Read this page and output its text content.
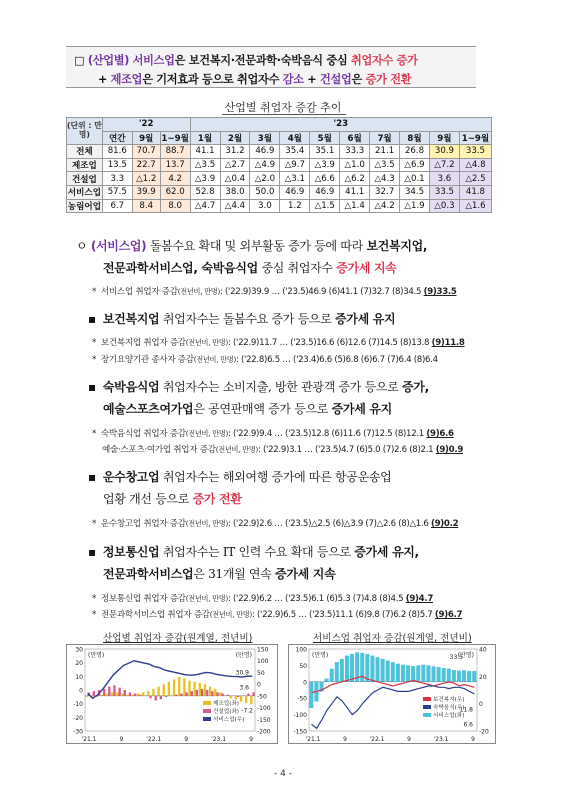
□ (산업별) 서비스업은 보건복지·전문과학·숙박음식 중심 취업자수 증가
+ 제조업은 기저효과 등으로 취업자수 감소 + 건설업은 증가 전환
산업별 취업자 증감 추이
(단위 : 만명)	'22			'23									
	연간	9월	1~9월	1월	2월	3월	4월	5월	6월	7월	8월	9월	1~9월
전체	81.6	70.7	88.7	41.1	31.2	46.9	35.4	35.1	33.3	21.1	26.8	30.9	33.5
제조업	13.5	22.7	13.7	△3.5	△2.7	△4.9	△9.7	△3.9	△1.0	△3.5	△6.9	△7.2	△4.8
건설업	3.3	△1.2	4.2	△3.9	△0.4	△2.0	△3.1	△6.6	△6.2	△4.3	△0.1	3.6	△2.5
서비스업	57.5	39.9	62.0	52.8	38.0	50.0	46.9	46.9	41.1	32.7	34.5	33.5	41.8
농림어업	6.7	8.4	8.0	△4.7	△4.4	3.0	1.2	△1.5	△1.4	△4.2	△1.9	△0.3	△1.6
ㅇ (서비스업) 돌봄수요 확대 및 외부활동 증가 등에 따라 보건복지업,
전문과학서비스업, 숙박음식업 중심 취업자수 증가세 지속
* 서비스업 취업자 증감(전년비, 만명): ('22.9)39.9 … ('23.5)46.9 (6)41.1 (7)32.7 (8)34.5 (9)33.5
▪ 보건복지업 취업자수는 돌봄수요 증가 등으로 증가세 유지
* 보건복지업 취업자 증감(전년비, 만명): ('22.9)11.7 … ('23.5)16.6 (6)12.6 (7)14.5 (8)13.8 (9)11.8
* 장기요양기관 종사자 증감(전년비, 만명): ('22.8)6.5 … ('23.4)6.6 (5)6.8 (6)6.7 (7)6.4 (8)6.4
▪ 숙박음식업 취업자수는 소비지출, 방한 관광객 증가 등으로 증가,
예술스포츠여가업은 공연판매액 증가 등으로 증가세 유지
* 숙박음식업 취업자 증감(전년비, 만명): ('22.9)9.4 … ('23.5)12.8 (6)11.6 (7)12.5 (8)12.1 (9)6.6
예술·스포츠·여가업 취업자 증감(전년비, 만명): ('22.9)3.1 … ('23.5)4.7 (6)5.0 (7)2.6 (8)2.1 (9)0.9
▪ 운수창고업 취업자수는 해외여행 증가에 따른 항공운송업
업황 개선 등으로 증가 전환
* 운수창고업 취업자 증감(전년비, 만명): ('22.9)2.6 … ('23.5)△2.5 (6)△3.9 (7)△2.6 (8)△1.6 (9)0.2
▪ 정보통신업 취업자수는 IT 인력 수요 확대 등으로 증가세 유지,
전문과학서비스업은 31개월 연속 증가세 지속
* 정보통신업 취업자 증감(전년비, 만명): ('22.9)6.2 … ('23.5)6.1 (6)5.3 (7)4.8 (8)4.5 (9)4.7
* 전문과학서비스업 취업자 증감(전년비, 만명): ('22.9)6.5 … ('23.5)11.1 (6)9.8 (7)6.2 (8)5.7 (9)6.7
산업별 취업자 증감(원계열, 전년비)	서비스업 취업자 증감(원계열, 전년비)
30
20
10
0
-10
-20
-30
150
100
50
0
-50
-100
-150
-200
'21.1	9	'22.1	9	'23.1	9
(만명)	(만명)
제조업(좌)
건설업(좌)
서비스업(우)
30.9
3.6
-7.2
100
50
0
-50
-100
-150
40
20
0
-20
'21.1	9	'22.1	9	'23.1	9
(만명)	(만명)
보건복지(우)
숙박음식(우)
서비스업(좌)
33.5
11.8
6.6
- 4 -
